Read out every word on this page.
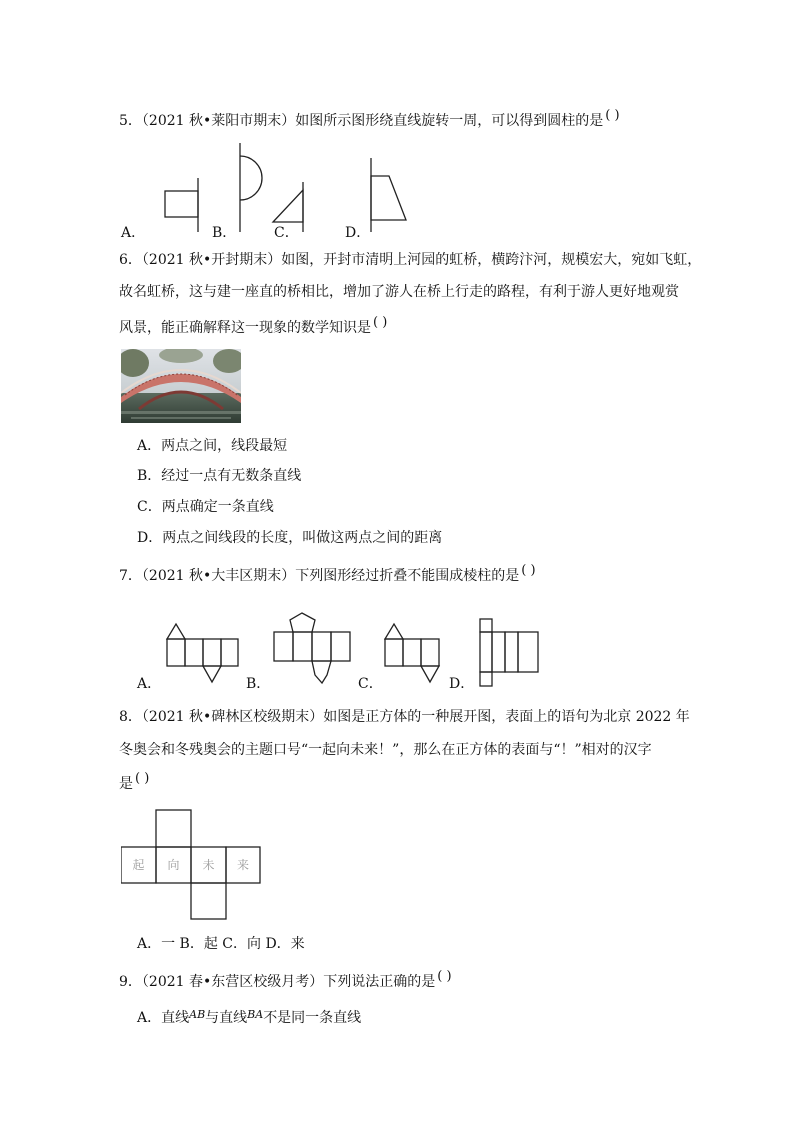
5．（2021 秋•莱阳市期末）如图所示图形绕直线旋转一周，可以得到圆柱的是 ( )
A．	B．	C．	D．
6．（2021 秋•开封期末）如图，开封市清明上河园的虹桥，横跨汴河，规模宏大，宛如飞虹，
故名虹桥，这与建一座直的桥相比，增加了游人在桥上行走的路程，有利于游人更好地观赏
风景，能正确解释这一现象的数学知识是 ( )
A．两点之间，线段最短
B．经过一点有无数条直线
C．两点确定一条直线
D．两点之间线段的长度，叫做这两点之间的距离
7．（2021 秋•大丰区期末）下列图形经过折叠不能围成棱柱的是 ( )
A．	B．	C．	D．
8．（2021 秋•碑林区校级期末）如图是正方体的一种展开图，表面上的语句为北京 2022 年
冬奥会和冬残奥会的主题口号“一起向未来！”，那么在正方体的表面与“！”相对的汉字
是 ( )
起	向	未	来
A．一 B．起 C．向 D．来
9．（2021 春•东营区校级月考）下列说法正确的是 ( )
A．直线$^{AB}$与直线$^{BA}$不是同一条直线
